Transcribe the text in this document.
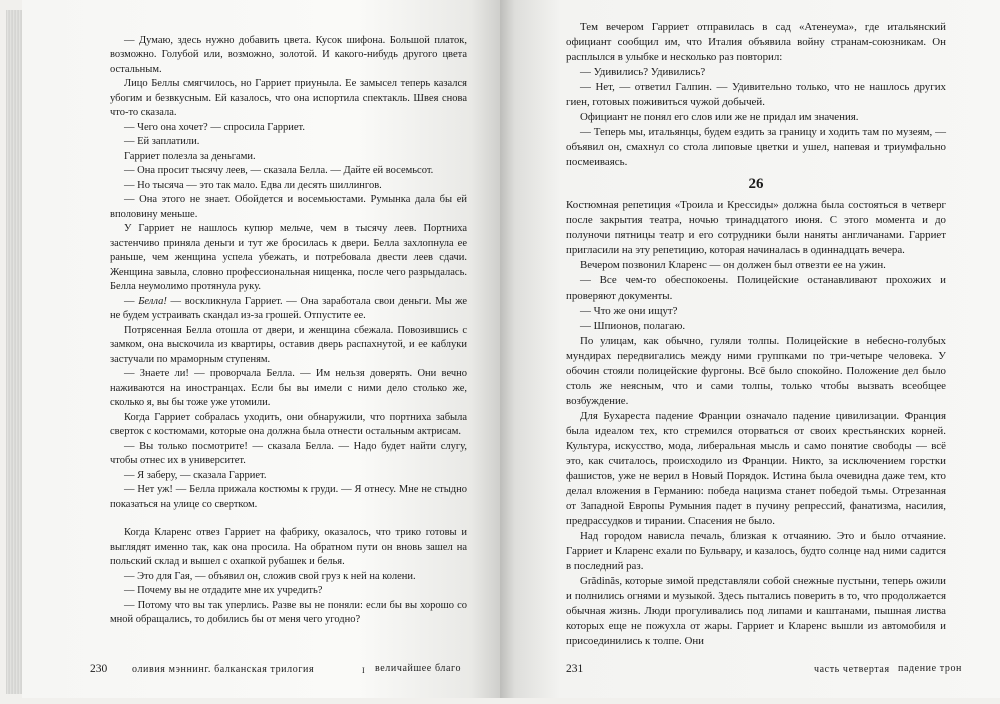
— Думаю, здесь нужно добавить цвета. Кусок шифона. Большой платок, возможно. Голубой или, возможно, золотой. И какого-нибудь другого цвета остальным.

Лицо Беллы смягчилось, но Гарриет приуныла. Ее замысел теперь казался убогим и безвкусным. Ей казалось, что она испортила спектакль. Швея снова что-то сказала.

— Чего она хочет? — спросила Гарриет.

— Ей заплатили.

Гарриет полезла за деньгами.

— Она просит тысячу леев, — сказала Белла. — Дайте ей восемьсот.

— Но тысяча — это так мало. Едва ли десять шиллингов.

— Она этого не знает. Обойдется и восемьюстами. Румынка дала бы ей вполовину меньше.

У Гарриет не нашлось купюр мельче, чем в тысячу леев. Портниха застенчиво приняла деньги и тут же бросилась к двери. Белла захлопнула ее раньше, чем женщина успела убежать, и потребовала двести леев сдачи. Женщина завыла, словно профессиональная нищенка, после чего разрыдалась. Белла неумолимо протянула руку.

— Белла! — воскликнула Гарриет. — Она заработала свои деньги. Мы же не будем устраивать скандал из-за грошей. Отпустите ее.

Потрясенная Белла отошла от двери, и женщина сбежала. Повозившись с замком, она выскочила из квартиры, оставив дверь распахнутой, и ее каблуки застучали по мраморным ступеням.

— Знаете ли! — проворчала Белла. — Им нельзя доверять. Они вечно наживаются на иностранцах. Если бы вы имели с ними дело столько же, сколько я, вы бы тоже уже утомили.

Когда Гарриет собралась уходить, они обнаружили, что портниха забыла сверток с костюмами, которые она должна была отнести остальным актрисам.

— Вы только посмотрите! — сказала Белла. — Надо будет найти слугу, чтобы отнес их в университет.

— Я заберу, — сказала Гарриет.

— Нет уж! — Белла прижала костюмы к груди. — Я отнесу. Мне не стыдно показаться на улице со свертком.

Когда Кларенс отвез Гарриет на фабрику, оказалось, что трико готовы и выглядят именно так, как она просила. На обратном пути он вновь зашел на польский склад и вышел с охапкой рубашек и белья.

— Это для Гая, — объявил он, сложив свой груз к ней на колени.

— Почему вы не отдадите мне их учредить?

— Потому что вы так уперлись. Разве вы не поняли: если бы вы хорошо со мной обращались, то добились бы от меня чего угодно?

230 оливия мэннинг. балканская трилогия	I величайшее благо

Тем вечером Гарриет отправилась в сад «Атенеума», где итальянский официант сообщил им, что Италия объявила войну странам-союзникам. Он расплылся в улыбке и несколько раз повторил:

— Удивились? Удивились?

— Нет, — ответил Галпин. — Удивительно только, что не нашлось других гиен, готовых поживиться чужой добычей.

Официант не понял его слов или же не придал им значения.

— Теперь мы, итальянцы, будем ездить за границу и ходить там по музеям, — объявил он, смахнул со стола липовые цветки и ушел, напевая и триумфально посмеиваясь.

26

Костюмная репетиция «Троила и Крессиды» должна была состояться в четверг после закрытия театра, ночью тринадцатого июня. С этого момента и до полуночи пятницы театр и его сотрудники были наняты англичанами. Гарриет пригласили на эту репетицию, которая начиналась в одиннадцать вечера.

Вечером позвонил Кларенс — он должен был отвезти ее на ужин.

— Все чем-то обеспокоены. Полицейские останавливают прохожих и проверяют документы.

— Что же они ищут?

— Шпионов, полагаю.

По улицам, как обычно, гуляли толпы. Полицейские в небесно-голубых мундирах передвигались между ними группками по три-четыре человека. У обочин стояли полицейские фургоны. Всё было спокойно. Положение дел было столь же неясным, что и сами толпы, только чтобы вызвать всеобщее возбуждение.

Для Бухареста падение Франции означало падение цивилизации. Франция была идеалом тех, кто стремился оторваться от своих крестьянских корней. Культура, искусство, мода, либеральная мысль и само понятие свободы — всё это, как считалось, происходило из Франции. Никто, за исключением горстки фашистов, уже не верил в Новый Порядок. Истина была очевидна даже тем, кто делал вложения в Германию: победа нацизма станет победой тьмы. Отрезанная от Западной Европы Румыния падет в пучину репрессий, фанатизма, насилия, предрассудков и тирании. Спасения не было.

Над городом нависла печаль, близкая к отчаянию. Это и было отчаяние. Гарриет и Кларенс ехали по Бульвару, и казалось, будто солнце над ними садится в последний раз.

Grădinăs, которые зимой представляли собой снежные пустыни, теперь ожили и полнились огнями и музыкой. Здесь пытались поверить в то, что продолжается обычная жизнь. Люди прогуливались под липами и каштанами, пышная листва которых еще не пожухла от жары. Гарриет и Кларенс вышли из автомобиля и присоединились к толпе. Они

231	часть четвертая падение трон
